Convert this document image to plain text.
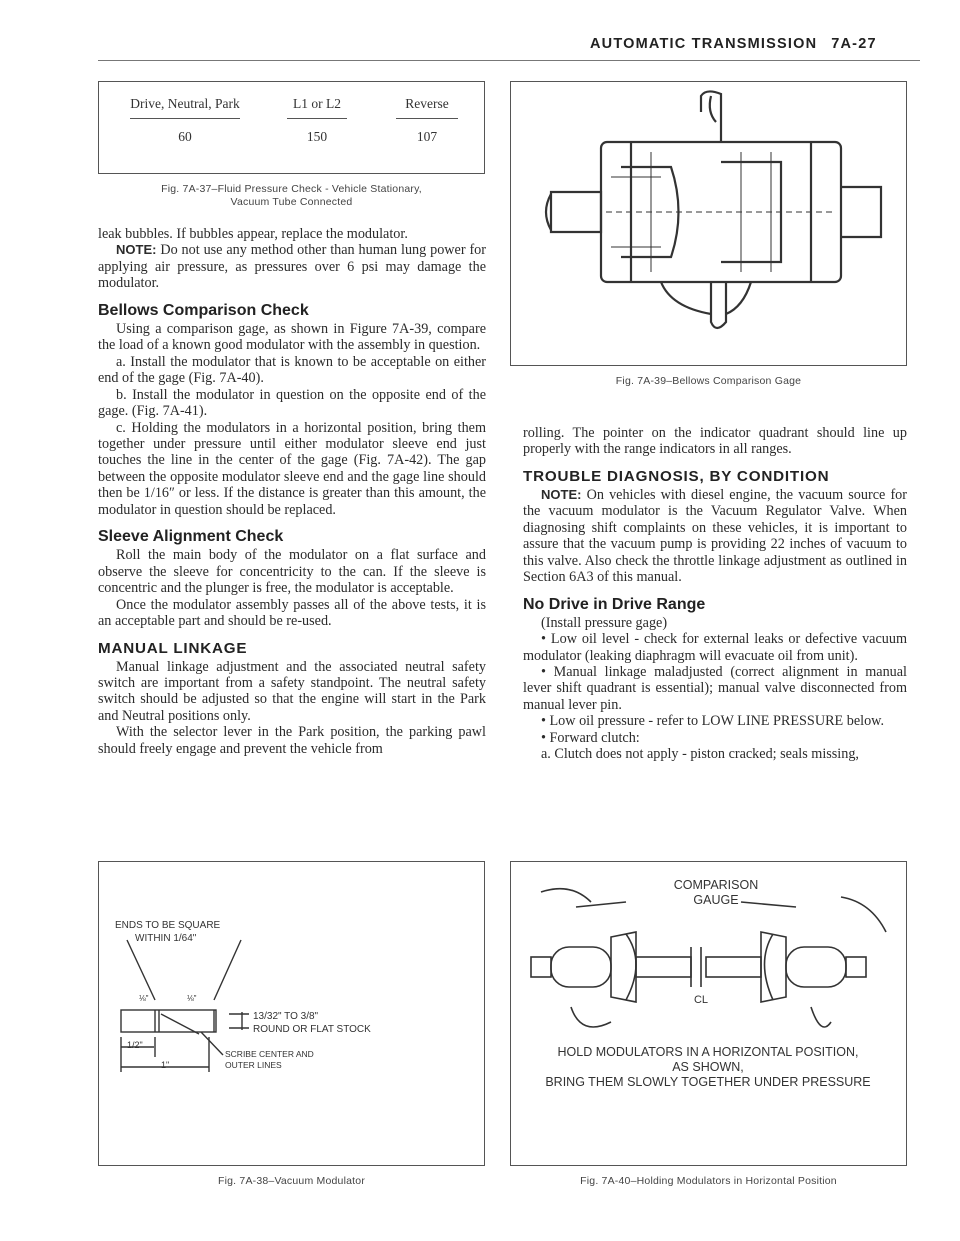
AUTOMATIC TRANSMISSION 7A-27
Drive, Neutral, Park		L1 or L2		Reverse
60		150		107
Fig. 7A-37–Fluid Pressure Check - Vehicle Stationary,
Vacuum Tube Connected

leak bubbles. If bubbles appear, replace the modulator.

NOTE: Do not use any method other than human lung power for applying air pressure, as pressures over 6 psi may damage the modulator.

Bellows Comparison Check

Using a comparison gage, as shown in Figure 7A-39, compare the load of a known good modulator with the assembly in question.

a. Install the modulator that is known to be acceptable on either end of the gage (Fig. 7A-40).

b. Install the modulator in question on the opposite end of the gage. (Fig. 7A-41).

c. Holding the modulators in a horizontal position, bring them together under pressure until either modulator sleeve end just touches the line in the center of the gage (Fig. 7A-42). The gap between the opposite modulator sleeve end and the gage line should then be 1/16″ or less. If the distance is greater than this amount, the modulator in question should be replaced.

Sleeve Alignment Check

Roll the main body of the modulator on a flat surface and observe the sleeve for concentricity to the can. If the sleeve is concentric and the plunger is free, the modulator is acceptable.

Once the modulator assembly passes all of the above tests, it is an acceptable part and should be re-used.

MANUAL LINKAGE

Manual linkage adjustment and the associated neutral safety switch are important from a safety standpoint. The neutral safety switch should be adjusted so that the engine will start in the Park and Neutral positions only.

With the selector lever in the Park position, the parking pawl should freely engage and prevent the vehicle from

Fig. 7A-39–Bellows Comparison Gage

rolling. The pointer on the indicator quadrant should line up properly with the range indicators in all ranges.

TROUBLE DIAGNOSIS, BY CONDITION

NOTE: On vehicles with diesel engine, the vacuum source for the vacuum modulator is the Vacuum Regulator Valve. When diagnosing shift complaints on these vehicles, it is important to assure that the vacuum pump is providing 22 inches of vacuum to this valve. Also check the throttle linkage adjustment as outlined in Section 6A3 of this manual.

No Drive in Drive Range

(Install pressure gage)

• Low oil level - check for external leaks or defective vacuum modulator (leaking diaphragm will evacuate oil from unit).

• Manual linkage maladjusted (correct alignment in manual lever shift quadrant is essential); manual valve disconnected from manual lever pin.

• Low oil pressure - refer to LOW LINE PRESSURE below.

• Forward clutch:

a. Clutch does not apply - piston cracked; seals missing,

ENDS TO BE SQUARE
WITHIN 1/64"
⅛"	⅛"
13/32" TO 3/8"
ROUND OR FLAT STOCK
1/2"
SCRIBE CENTER AND
OUTER LINES
1"
Fig. 7A-38–Vacuum Modulator
COMPARISON
GAUGE
CL
HOLD MODULATORS IN A HORIZONTAL POSITION,
AS SHOWN,
BRING THEM SLOWLY TOGETHER UNDER PRESSURE
Fig. 7A-40–Holding Modulators in Horizontal Position
